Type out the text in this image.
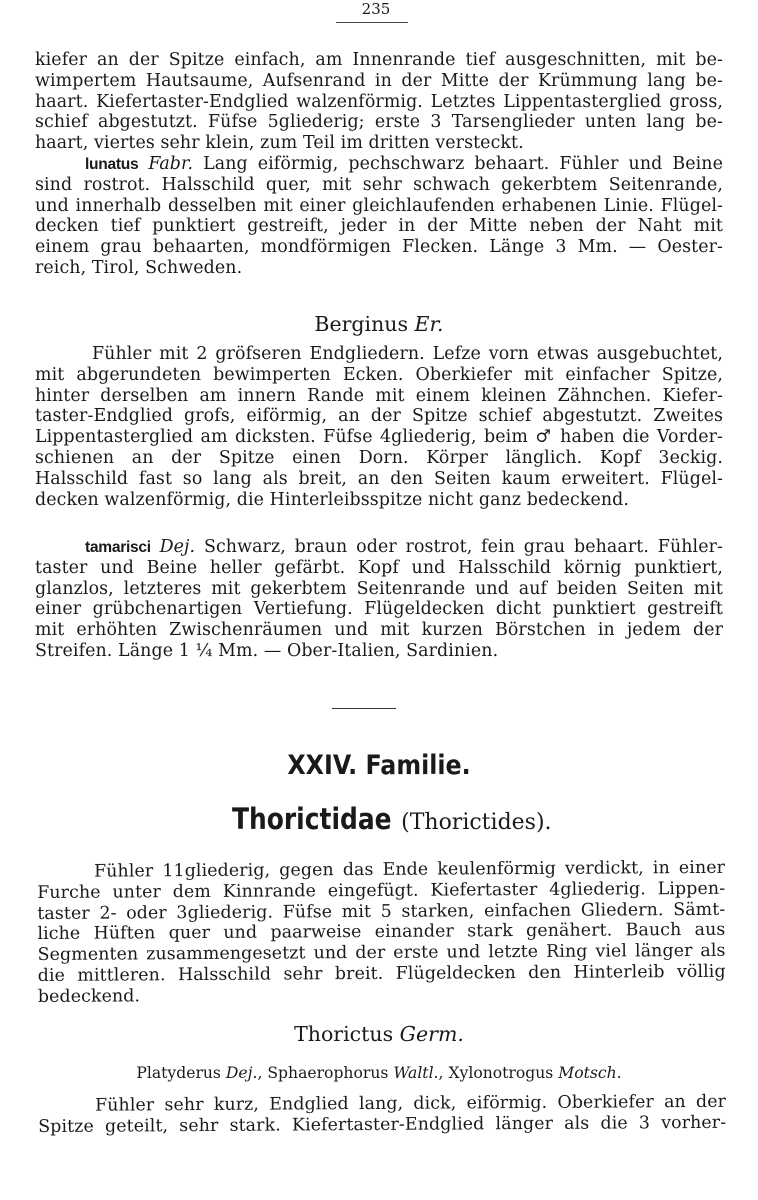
235
kiefer an der Spitze einfach, am Innenrande tief ausgeschnitten, mit be-
wimpertem Hautsaume, Aufsenrand in der Mitte der Krümmung lang be-
haart. Kiefertaster-Endglied walzenförmig. Letztes Lippentasterglied gross,
schief abgestutzt. Füfse 5gliederig; erste 3 Tarsenglieder unten lang be-
haart, viertes sehr klein, zum Teil im dritten versteckt.
lunatus Fabr. Lang eiförmig, pechschwarz behaart. Fühler und Beine
sind rostrot. Halsschild quer, mit sehr schwach gekerbtem Seitenrande,
und innerhalb desselben mit einer gleichlaufenden erhabenen Linie. Flügel-
decken tief punktiert gestreift, jeder in der Mitte neben der Naht mit
einem grau behaarten, mondförmigen Flecken. Länge 3 Mm. — Oester-
reich, Tirol, Schweden.
Berginus Er.
Fühler mit 2 gröfseren Endgliedern. Lefze vorn etwas ausgebuchtet,
mit abgerundeten bewimperten Ecken. Oberkiefer mit einfacher Spitze,
hinter derselben am innern Rande mit einem kleinen Zähnchen. Kiefer-
taster-Endglied grofs, eiförmig, an der Spitze schief abgestutzt. Zweites
Lippentasterglied am dicksten. Füfse 4gliederig, beim ♂ haben die Vorder-
schienen an der Spitze einen Dorn. Körper länglich. Kopf 3eckig.
Halsschild fast so lang als breit, an den Seiten kaum erweitert. Flügel-
decken walzenförmig, die Hinterleibsspitze nicht ganz bedeckend.
tamarisci Dej. Schwarz, braun oder rostrot, fein grau behaart. Fühler-
taster und Beine heller gefärbt. Kopf und Halsschild körnig punktiert,
glanzlos, letzteres mit gekerbtem Seitenrande und auf beiden Seiten mit
einer grübchenartigen Vertiefung. Flügeldecken dicht punktiert gestreift
mit erhöhten Zwischenräumen und mit kurzen Börstchen in jedem der
Streifen. Länge 1 ¼ Mm. — Ober-Italien, Sardinien.
XXIV. Familie.
Thorictidae (Thorictides).
Fühler 11gliederig, gegen das Ende keulenförmig verdickt, in einer
Furche unter dem Kinnrande eingefügt. Kiefertaster 4gliederig. Lippen-
taster 2- oder 3gliederig. Füfse mit 5 starken, einfachen Gliedern. Sämt-
liche Hüften quer und paarweise einander stark genähert. Bauch aus
Segmenten zusammengesetzt und der erste und letzte Ring viel länger als
die mittleren. Halsschild sehr breit. Flügeldecken den Hinterleib völlig
bedeckend.
Thorictus Germ.
Platyderus Dej., Sphaerophorus Waltl., Xylonotrogus Motsch.
Fühler sehr kurz, Endglied lang, dick, eiförmig. Oberkiefer an der
Spitze geteilt, sehr stark. Kiefertaster-Endglied länger als die 3 vorher-
